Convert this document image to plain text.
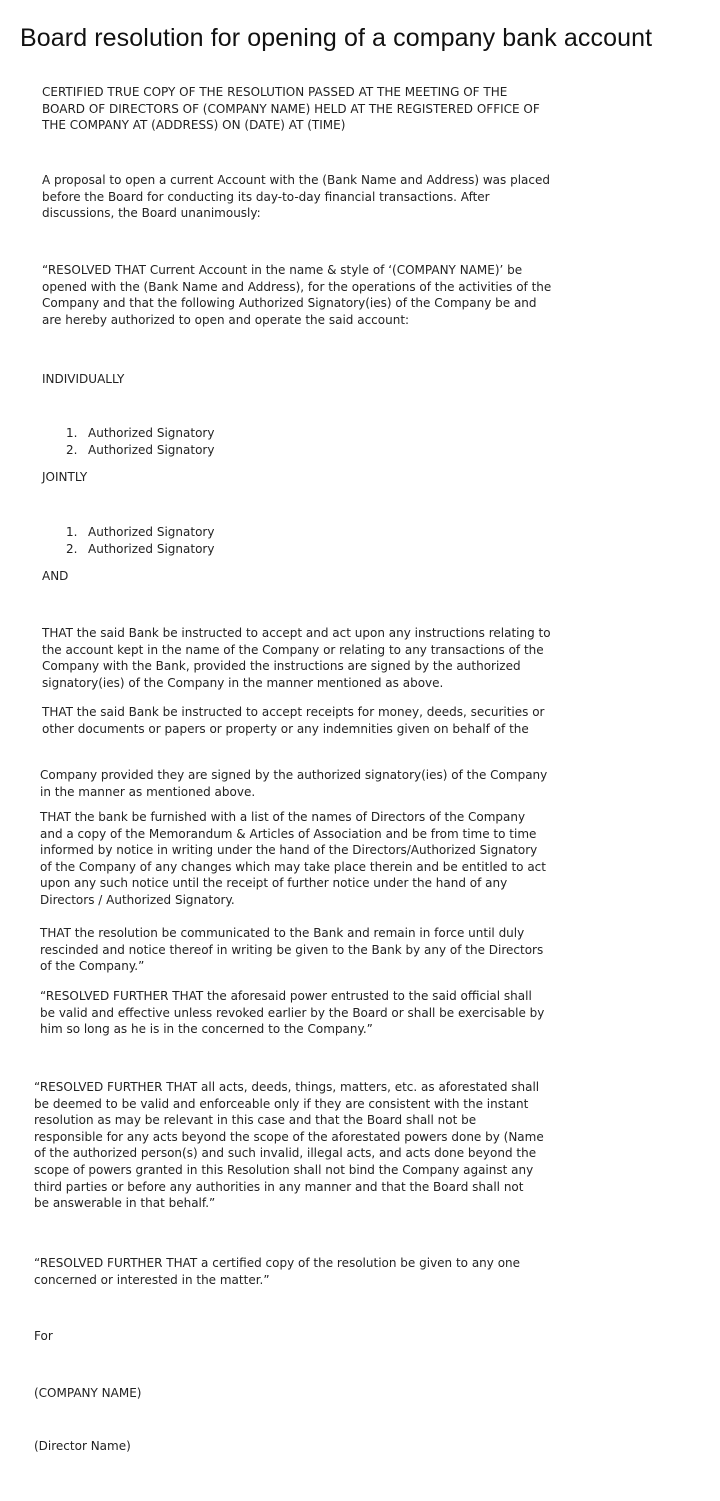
Board resolution for opening of a company bank account
CERTIFIED TRUE COPY OF THE RESOLUTION PASSED AT THE MEETING OF THE
BOARD OF DIRECTORS OF (COMPANY NAME) HELD AT THE REGISTERED OFFICE OF
THE COMPANY AT (ADDRESS) ON (DATE) AT (TIME)
A proposal to open a current Account with the (Bank Name and Address) was placed
before the Board for conducting its day-to-day financial transactions. After
discussions, the Board unanimously:
“RESOLVED THAT Current Account in the name & style of ‘(COMPANY NAME)’ be
opened with the (Bank Name and Address), for the operations of the activities of the
Company and that the following Authorized Signatory(ies) of the Company be and
are hereby authorized to open and operate the said account:
INDIVIDUALLY
1. Authorized Signatory
2. Authorized Signatory
JOINTLY
1. Authorized Signatory
2. Authorized Signatory
AND
THAT the said Bank be instructed to accept and act upon any instructions relating to
the account kept in the name of the Company or relating to any transactions of the
Company with the Bank, provided the instructions are signed by the authorized
signatory(ies) of the Company in the manner mentioned as above.
THAT the said Bank be instructed to accept receipts for money, deeds, securities or
other documents or papers or property or any indemnities given on behalf of the
Company provided they are signed by the authorized signatory(ies) of the Company
in the manner as mentioned above.
THAT the bank be furnished with a list of the names of Directors of the Company
and a copy of the Memorandum & Articles of Association and be from time to time
informed by notice in writing under the hand of the Directors/Authorized Signatory
of the Company of any changes which may take place therein and be entitled to act
upon any such notice until the receipt of further notice under the hand of any
Directors / Authorized Signatory.
THAT the resolution be communicated to the Bank and remain in force until duly
rescinded and notice thereof in writing be given to the Bank by any of the Directors
of the Company.”
“RESOLVED FURTHER THAT the aforesaid power entrusted to the said official shall
be valid and effective unless revoked earlier by the Board or shall be exercisable by
him so long as he is in the concerned to the Company.”
“RESOLVED FURTHER THAT all acts, deeds, things, matters, etc. as aforestated shall
be deemed to be valid and enforceable only if they are consistent with the instant
resolution as may be relevant in this case and that the Board shall not be
responsible for any acts beyond the scope of the aforestated powers done by (Name
of the authorized person(s) and such invalid, illegal acts, and acts done beyond the
scope of powers granted in this Resolution shall not bind the Company against any
third parties or before any authorities in any manner and that the Board shall not
be answerable in that behalf.”
“RESOLVED FURTHER THAT a certified copy of the resolution be given to any one
concerned or interested in the matter.”
For
(COMPANY NAME)
(Director Name)
